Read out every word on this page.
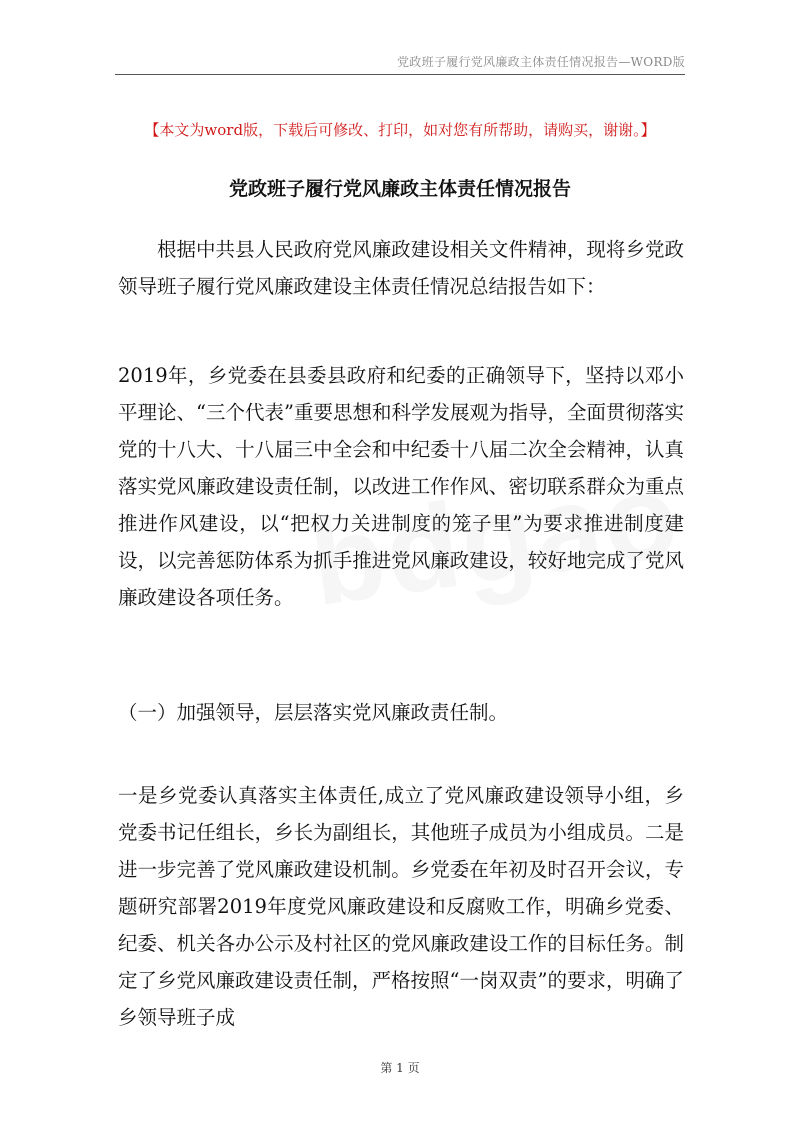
党政班子履行党风廉政主体责任情况报告—WORD版
【本文为word版，下载后可修改、打印，如对您有所帮助，请购买，谢谢。】
党政班子履行党风廉政主体责任情况报告

根据中共县人民政府党风廉政建设相关文件精神，现将乡党政领导班子履行党风廉政建设主体责任情况总结报告如下：

2019年，乡党委在县委县政府和纪委的正确领导下，坚持以邓小平理论、“三个代表”重要思想和科学发展观为指导，全面贯彻落实党的十八大、十八届三中全会和中纪委十八届二次全会精神，认真落实党风廉政建设责任制，以改进工作作风、密切联系群众为重点推进作风建设，以“把权力关进制度的笼子里”为要求推进制度建设，以完善惩防体系为抓手推进党风廉政建设，较好地完成了党风廉政建设各项任务。

（一）加强领导，层层落实党风廉政责任制。

一是乡党委认真落实主体责任,成立了党风廉政建设领导小组，乡党委书记任组长，乡长为副组长，其他班子成员为小组成员。二是进一步完善了党风廉政建设机制。乡党委在年初及时召开会议，专题研究部署2019年度党风廉政建设和反腐败工作，明确乡党委、纪委、机关各办公示及村社区的党风廉政建设工作的目标任务。制定了乡党风廉政建设责任制，严格按照“一岗双责”的要求，明确了乡领导班子成

第 1 页
